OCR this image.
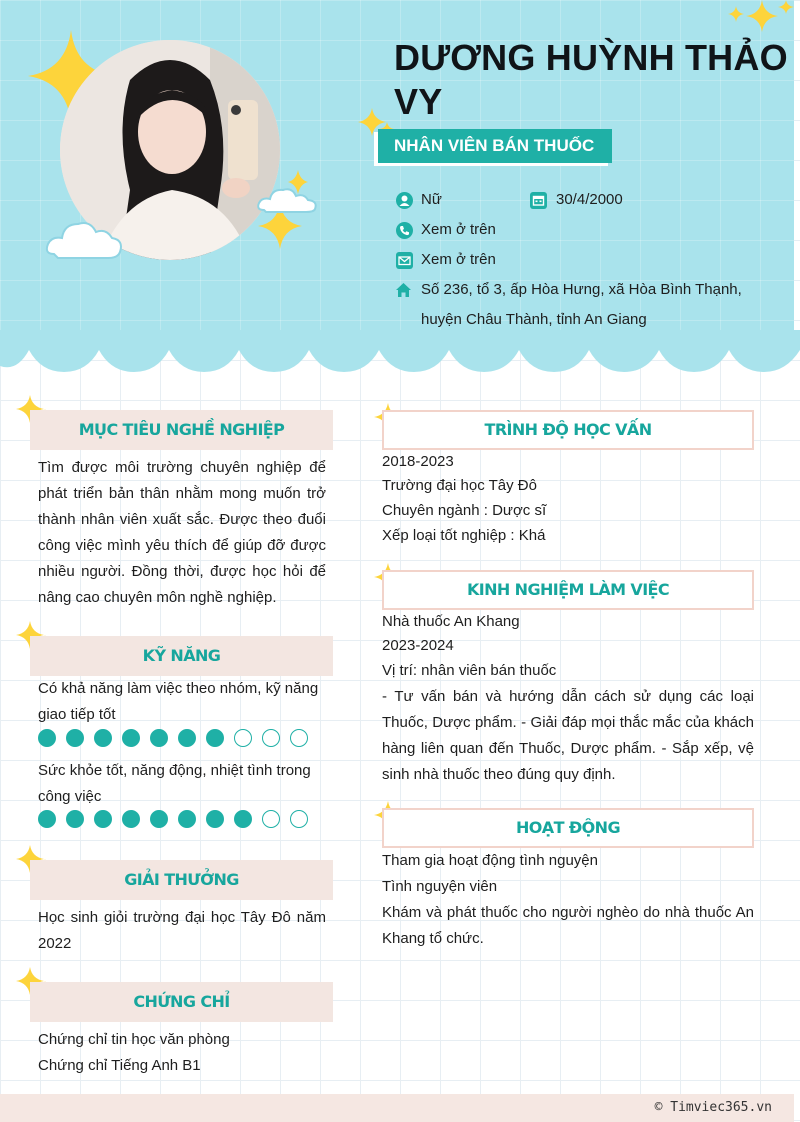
DƯƠNG HUỲNH THẢO VY
NHÂN VIÊN BÁN THUỐC
Nữ	30/4/2000
Xem ở trên
Xem ở trên
Số 236, tổ 3, ấp Hòa Hưng, xã Hòa Bình Thạnh, huyện Châu Thành, tỉnh An Giang
MỤC TIÊU NGHỀ NGHIỆP
Tìm được môi trường chuyên nghiệp để phát triển bản thân nhằm mong muốn trở thành nhân viên xuất sắc. Được theo đuổi công việc mình yêu thích để giúp đỡ được nhiều người. Đồng thời, được học hỏi để nâng cao chuyên môn nghề nghiệp.
KỸ NĂNG
Có khả năng làm việc theo nhóm, kỹ năng giao tiếp tốt
Sức khỏe tốt, năng động, nhiệt tình trong công việc
GIẢI THƯỞNG
Học sinh giỏi trường đại học Tây Đô năm 2022
CHỨNG CHỈ
Chứng chỉ tin học văn phòng
Chứng chỉ Tiếng Anh B1
TRÌNH ĐỘ HỌC VẤN
2018-2023
Trường đại học Tây Đô
Chuyên ngành : Dược sĩ
Xếp loại tốt nghiệp : Khá
KINH NGHIỆM LÀM VIỆC
Nhà thuốc An Khang
2023-2024
Vị trí: nhân viên bán thuốc
- Tư vấn bán và hướng dẫn cách sử dụng các loại Thuốc, Dược phẩm. - Giải đáp mọi thắc mắc của khách hàng liên quan đến Thuốc, Dược phẩm. - Sắp xếp, vệ sinh nhà thuốc theo đúng quy định.
HOẠT ĐỘNG
Tham gia hoạt động tình nguyện
Tình nguyện viên
Khám và phát thuốc cho người nghèo do nhà thuốc An Khang tổ chức.
© Timviec365.vn
